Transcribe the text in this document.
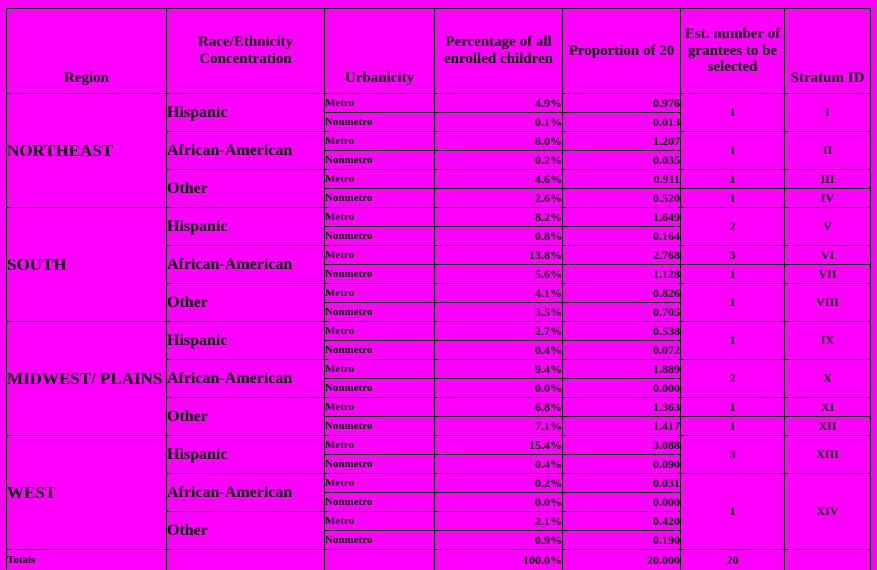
Region	Race/Ethnicity Concentration	Urbanicity	Percentage of all enrolled children	Proportion of 20	Est. number of grantees to be selected	Stratum ID
NORTHEAST	Hispanic	Metro	4.9%	0.976	1	I
		Nonmetro	0.1%	0.013		
	African-American	Metro	6.0%	1.207	1	II
		Nonmetro	0.2%	0.035		
	Other	Metro	4.6%	0.911	1	III
		Nonmetro	2.6%	0.520	1	IV
SOUTH	Hispanic	Metro	8.2%	1.649	2	V
		Nonmetro	0.8%	0.164		
	African-American	Metro	13.8%	2.768	3	VI
		Nonmetro	5.6%	1.128	1	VII
	Other	Metro	4.1%	0.826	1	VIII
		Nonmetro	3.5%	0.705		
MIDWEST/ PLAINS	Hispanic	Metro	2.7%	0.538	1	IX
		Nonmetro	0.4%	0.072		
	African-American	Metro	9.4%	1.889	2	X
		Nonmetro	0.0%	0.000		
	Other	Metro	6.8%	1.363	1	XI
		Nonmetro	7.1%	1.417	1	XII
WEST	Hispanic	Metro	15.4%	3.088	3	XIII
		Nonmetro	0.4%	0.090		
	African-American	Metro	0.2%	0.031	1	XIV
		Nonmetro	0.0%	0.000		
	Other	Metro	2.1%	0.420		
		Nonmetro	0.9%	0.190		
Totals			100.0%	20.000	20	
